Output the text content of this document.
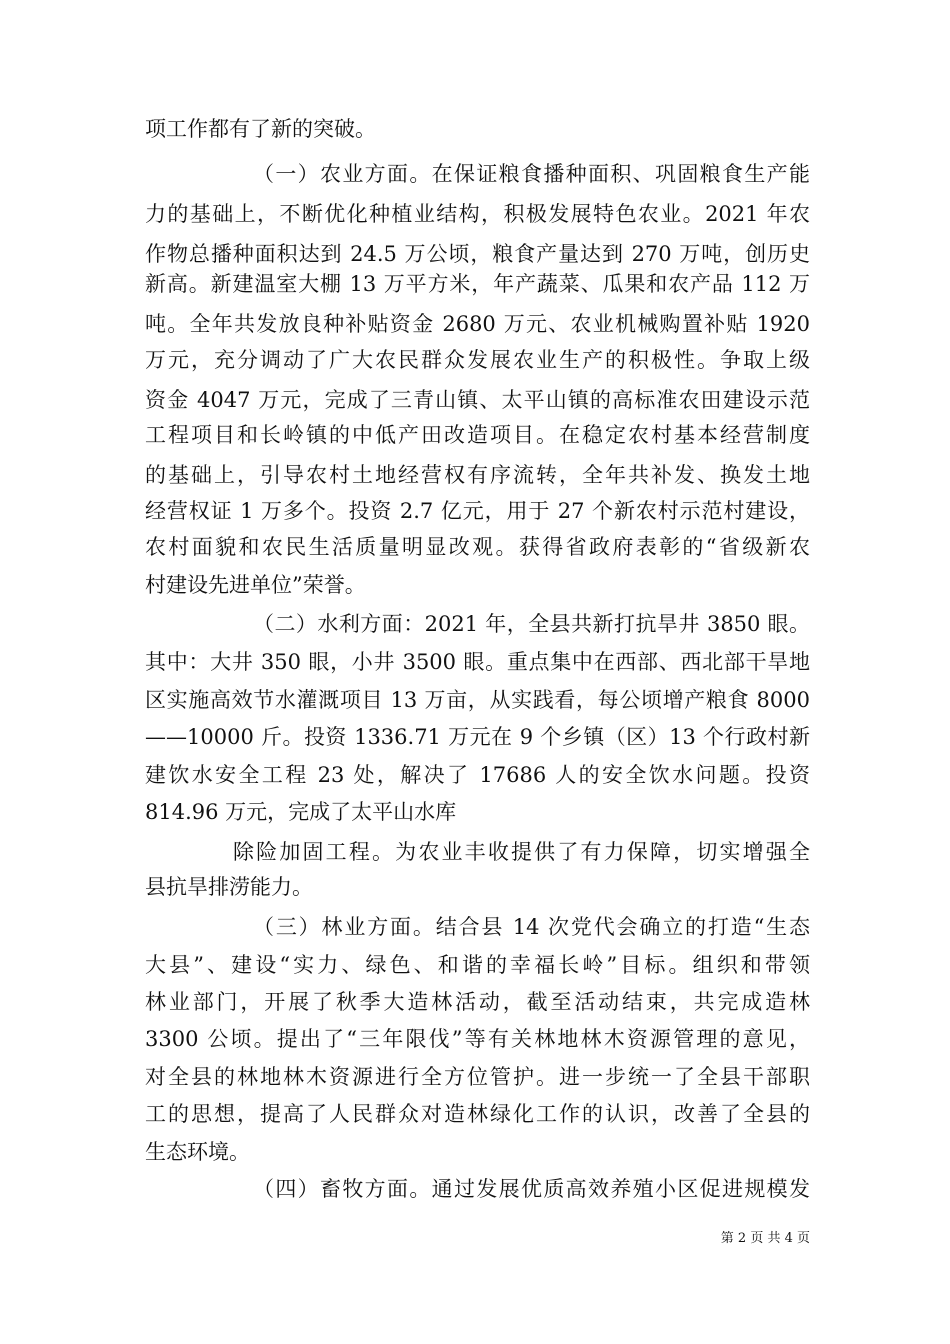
项工作都有了新的突破。
（一）农业方面。在保证粮食播种面积、巩固粮食生产能
力的基础上，不断优化种植业结构，积极发展特色农业。2021 年农
作物总播种面积达到 24.5 万公顷，粮食产量达到 270 万吨，创历史
新高。新建温室大棚 13 万平方米，年产蔬菜、瓜果和农产品 112 万
吨。全年共发放良种补贴资金 2680 万元、农业机械购置补贴 1920
万元，充分调动了广大农民群众发展农业生产的积极性。争取上级
资金 4047 万元，完成了三青山镇、太平山镇的高标准农田建设示范
工程项目和长岭镇的中低产田改造项目。在稳定农村基本经营制度
的基础上，引导农村土地经营权有序流转，全年共补发、换发土地
经营权证 1 万多个。投资 2.7 亿元，用于 27 个新农村示范村建设，
农村面貌和农民生活质量明显改观。获得省政府表彰的“省级新农
村建设先进单位”荣誉。
（二）水利方面：2021 年，全县共新打抗旱井 3850 眼。
其中：大井 350 眼，小井 3500 眼。重点集中在西部、西北部干旱地
区实施高效节水灌溉项目 13 万亩，从实践看，每公顷增产粮食 8000
——10000 斤。投资 1336.71 万元在 9 个乡镇（区）13 个行政村新
建饮水安全工程 23 处，解决了 17686 人的安全饮水问题。投资
814.96 万元，完成了太平山水库
除险加固工程。为农业丰收提供了有力保障，切实增强全
县抗旱排涝能力。
（三）林业方面。结合县 14 次党代会确立的打造“生态
大县”、建设“实力、绿色、和谐的幸福长岭”目标。组织和带领
林业部门，开展了秋季大造林活动，截至活动结束，共完成造林
3300 公顷。提出了“三年限伐”等有关林地林木资源管理的意见，
对全县的林地林木资源进行全方位管护。进一步统一了全县干部职
工的思想，提高了人民群众对造林绿化工作的认识，改善了全县的
生态环境。
（四）畜牧方面。通过发展优质高效养殖小区促进规模发
第 2 页 共 4 页
